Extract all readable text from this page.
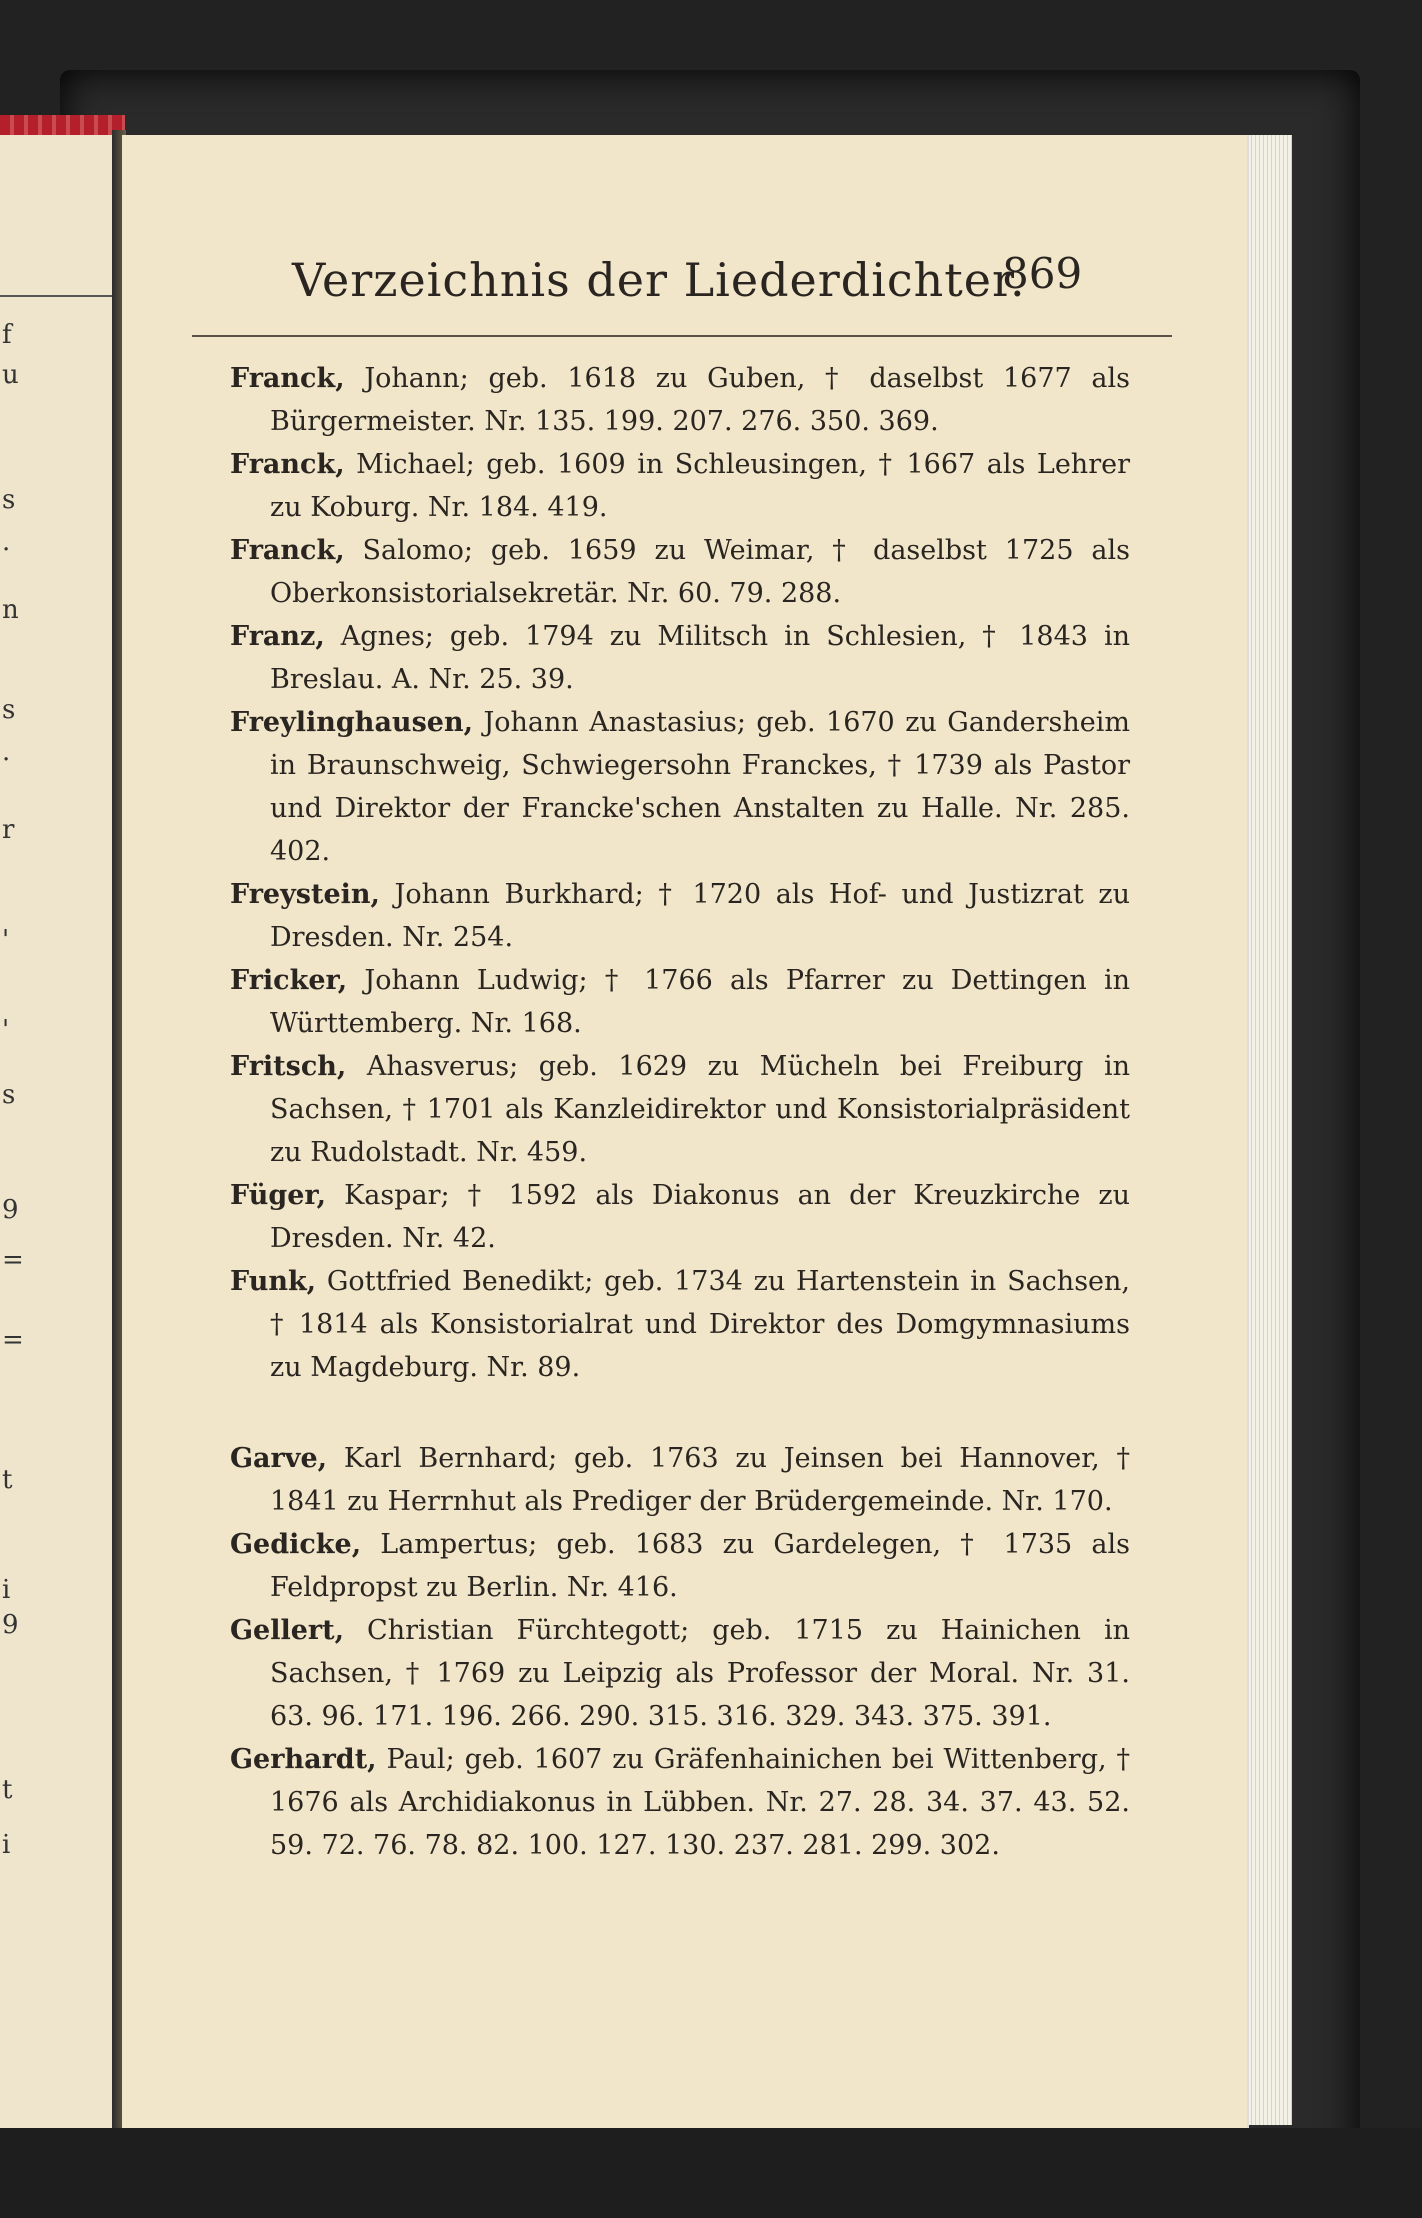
f
u
s
·
n
s
·
r
'
'
s
9
=
=
t
i
9
t
i
Verzeichnis der Liederdichter.
869

Franck, Johann; geb. 1618 zu Guben, † daselbst 1677 als Bürgermeister. Nr. 135. 199. 207. 276. 350. 369.

Franck, Michael; geb. 1609 in Schleusingen, † 1667 als Lehrer zu Koburg. Nr. 184. 419.

Franck, Salomo; geb. 1659 zu Weimar, † daselbst 1725 als Oberkonsistorialsekretär. Nr. 60. 79. 288.

Franz, Agnes; geb. 1794 zu Militsch in Schlesien, † 1843 in Breslau. A. Nr. 25. 39.

Freylinghausen, Johann Anastasius; geb. 1670 zu Gandersheim in Braunschweig, Schwiegersohn Franckes, † 1739 als Pastor und Direktor der Francke'schen Anstalten zu Halle. Nr. 285. 402.

Freystein, Johann Burkhard; † 1720 als Hof- und Justizrat zu Dresden. Nr. 254.

Fricker, Johann Ludwig; † 1766 als Pfarrer zu Dettingen in Württemberg. Nr. 168.

Fritsch, Ahasverus; geb. 1629 zu Mücheln bei Freiburg in Sachsen, † 1701 als Kanzleidirektor und Konsistorialpräsident zu Rudolstadt. Nr. 459.

Füger, Kaspar; † 1592 als Diakonus an der Kreuzkirche zu Dresden. Nr. 42.

Funk, Gottfried Benedikt; geb. 1734 zu Hartenstein in Sachsen, † 1814 als Konsistorialrat und Direktor des Domgymnasiums zu Magdeburg. Nr. 89.

Garve, Karl Bernhard; geb. 1763 zu Jeinsen bei Hannover, † 1841 zu Herrnhut als Prediger der Brüdergemeinde. Nr. 170.

Gedicke, Lampertus; geb. 1683 zu Gardelegen, † 1735 als Feldpropst zu Berlin. Nr. 416.

Gellert, Christian Fürchtegott; geb. 1715 zu Hainichen in Sachsen, † 1769 zu Leipzig als Professor der Moral. Nr. 31. 63. 96. 171. 196. 266. 290. 315. 316. 329. 343. 375. 391.

Gerhardt, Paul; geb. 1607 zu Gräfenhainichen bei Wittenberg, † 1676 als Archidiakonus in Lübben. Nr. 27. 28. 34. 37. 43. 52. 59. 72. 76. 78. 82. 100. 127. 130. 237. 281. 299. 302.
